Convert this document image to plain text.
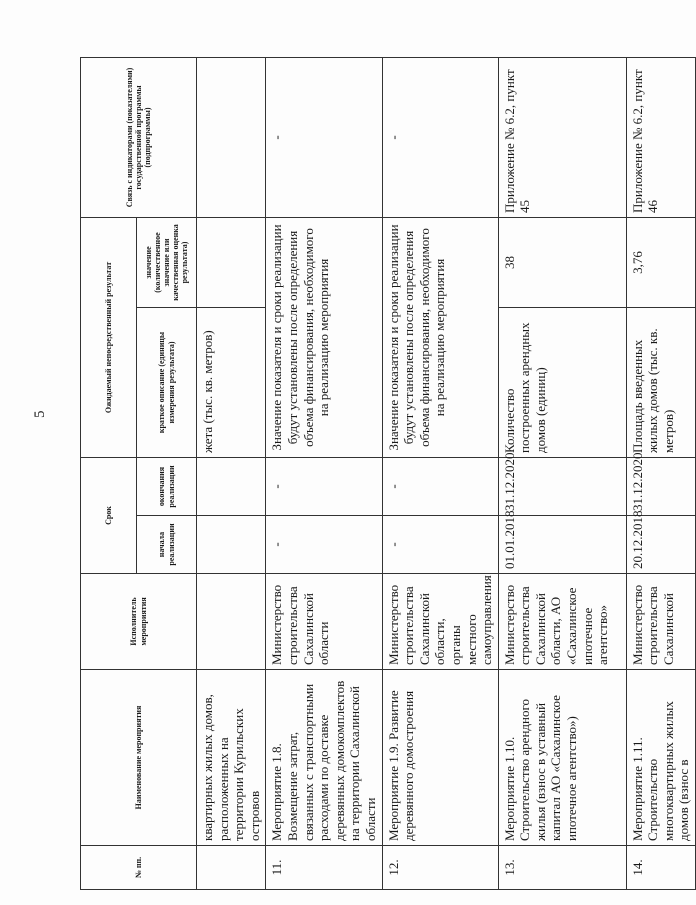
5
№ пп.	Наименование мероприятия	Исполнитель мероприятия	Срок		Ожидаемый непосредственный результат		Связь с индикаторами (показателями) государственной программы (подпрограммы)
			начала реализации	окончания реализации	краткое описание (единицы измерения результата)	значение (количественное значение или качественная оценка результата)	
	квартирных жилых домов, расположенных на территории Курильских островов				жета (тыс. кв. метров)		
11.	Мероприятие 1.8. Возмещение затрат, связанных с транспортными расходами по доставке деревянных домокомплектов на территории Сахалинской области	Министерство строительства Сахалинской области	-	-	Значение показателя и сроки реализации будут установлены после определения объема финансирования, необходимого на реализацию мероприятия		-
12.	Мероприятие 1.9. Развитие деревянного домостроения	Министерство строительства Сахалинской области, органы местного самоуправления	-	-	Значение показателя и сроки реализации будут установлены после определения объема финансирования, необходимого на реализацию мероприятия		-
13.	Мероприятие 1.10. Строительство арендного жилья (взнос в уставный капитал АО «Сахалинское ипотечное агентство»)	Министерство строительства Сахалинской области, АО «Сахалинское ипотечное агентство»	01.01.2018	31.12.2020	Количество построенных арендных домов (единиц)	38	Приложение № 6.2, пункт 45
14.	Мероприятие 1.11. Строительство многоквартирных жилых домов (взнос в	Министерство строительства Сахалинской	20.12.2018	31.12.2020	Площадь введенных жилых домов (тыс. кв. метров)	3,76	Приложение № 6.2, пункт 46
